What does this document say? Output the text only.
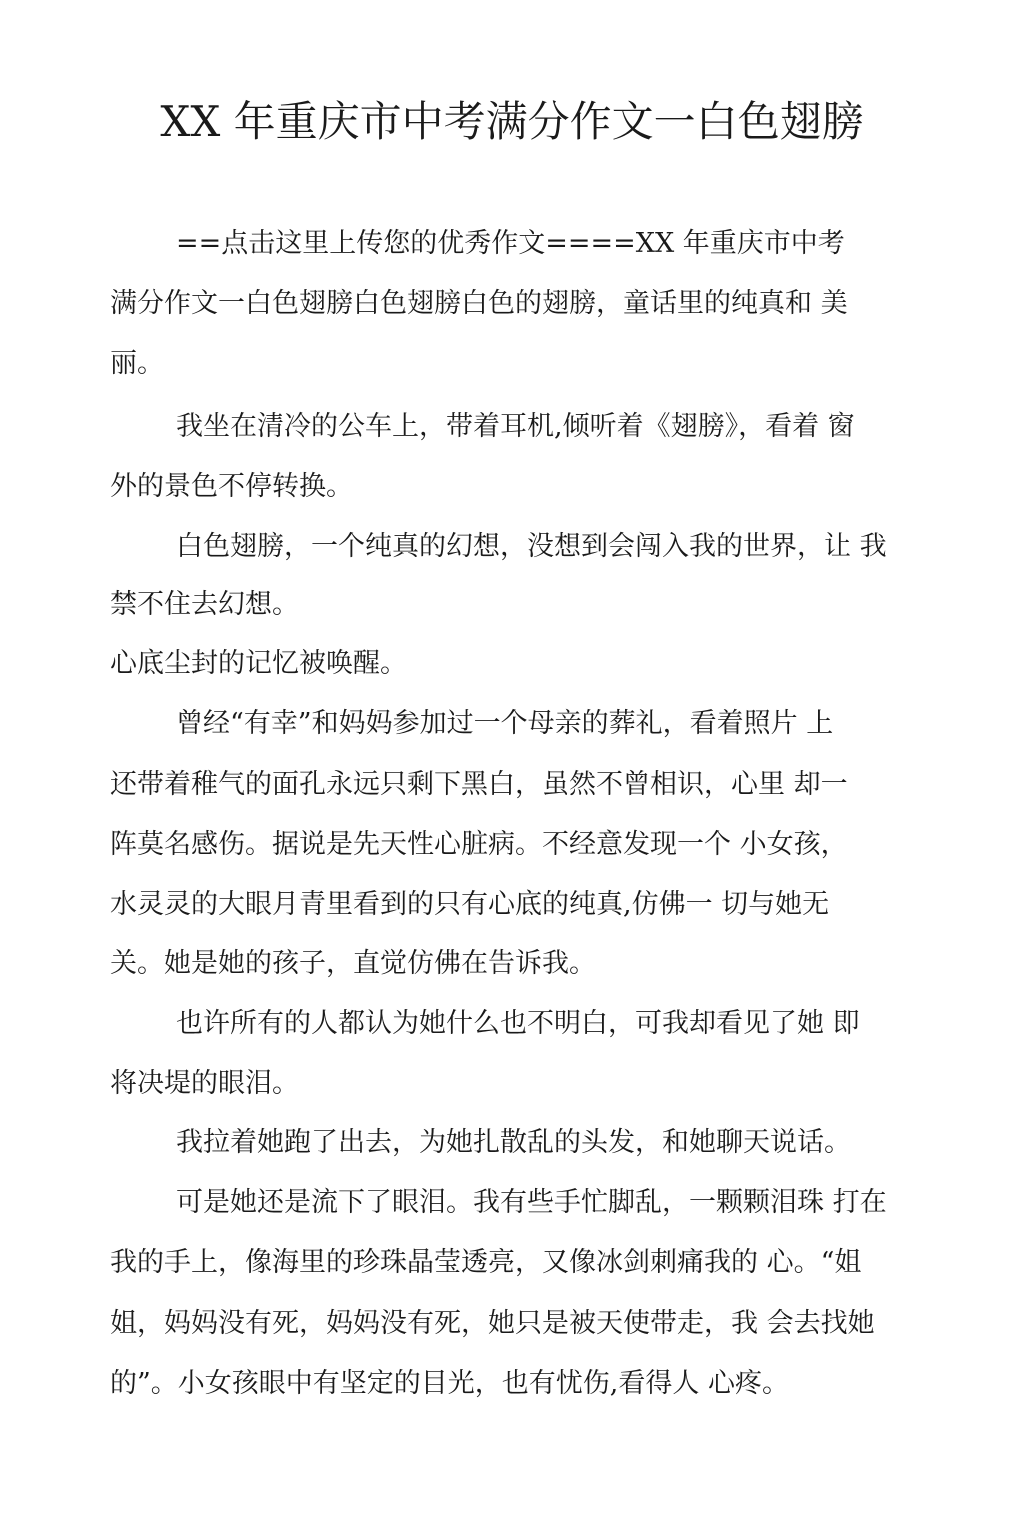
XX 年重庆市中考满分作文一白色翅膀

==点击这里上传您的优秀作文====XX 年重庆市中考

满分作文一白色翅膀白色翅膀白色的翅膀，童话里的纯真和 美

丽。

我坐在清冷的公车上，带着耳机,倾听着《翅膀》，看着 窗

外的景色不停转换。

白色翅膀，一个纯真的幻想，没想到会闯入我的世界，让 我

禁不住去幻想。

心底尘封的记忆被唤醒。

曾经“有幸”和妈妈参加过一个母亲的葬礼，看着照片 上

还带着稚气的面孔永远只剩下黑白，虽然不曾相识，心里 却一

阵莫名感伤。据说是先天性心脏病。不经意发现一个 小女孩，

水灵灵的大眼月青里看到的只有心底的纯真,仿佛一 切与她无

关。她是她的孩子，直觉仿佛在告诉我。

也许所有的人都认为她什么也不明白，可我却看见了她 即

将决堤的眼泪。

我拉着她跑了出去，为她扎散乱的头发，和她聊天说话。

可是她还是流下了眼泪。我有些手忙脚乱，一颗颗泪珠 打在

我的手上，像海里的珍珠晶莹透亮，又像冰剑刺痛我的 心。“姐

姐，妈妈没有死，妈妈没有死，她只是被天使带走，我 会去找她

的”。小女孩眼中有坚定的目光，也有忧伤,看得人 心疼。
